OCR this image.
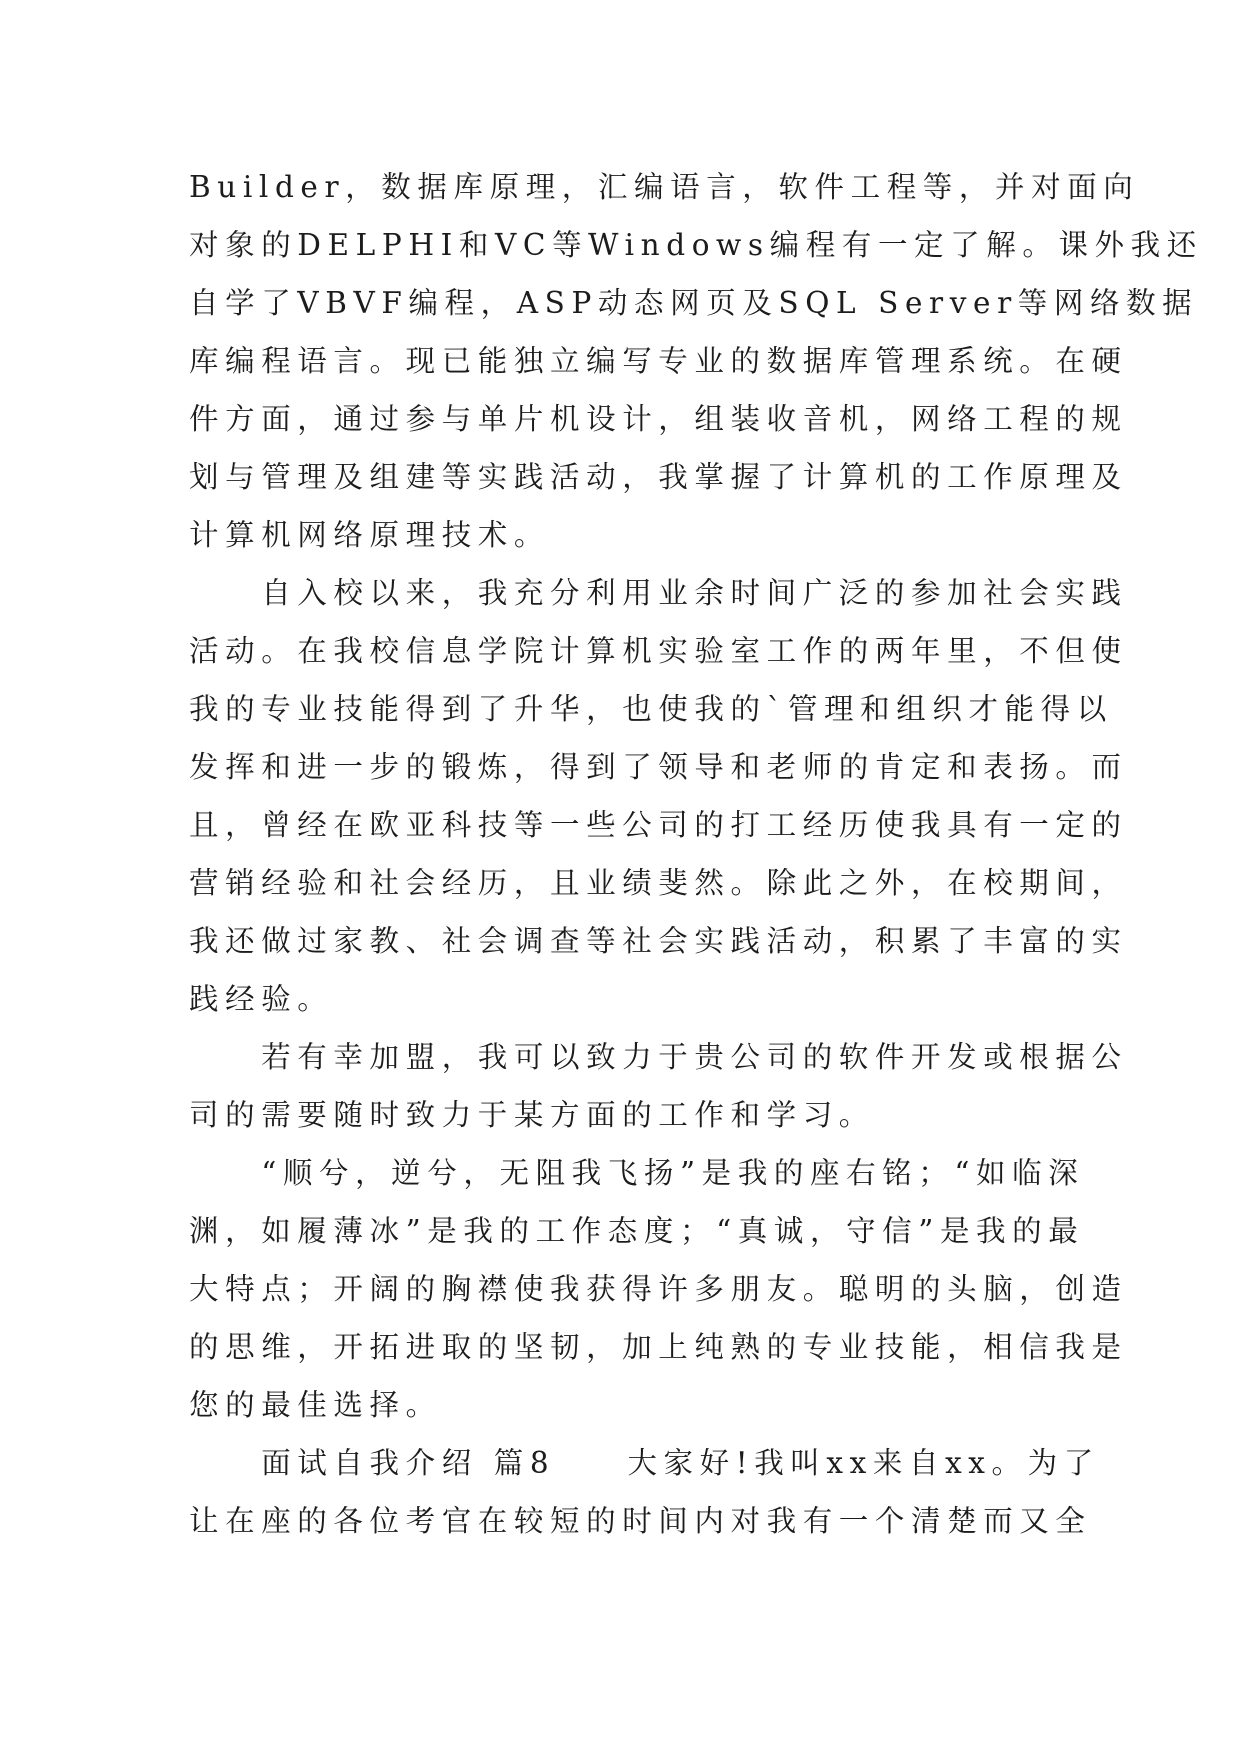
Builder，数据库原理，汇编语言，软件工程等，并对面向
对象的DELPHI和VC等Windows编程有一定了解。课外我还
自学了VBVF编程，ASP动态网页及SQL Server等网络数据
库编程语言。现已能独立编写专业的数据库管理系统。在硬
件方面，通过参与单片机设计，组装收音机，网络工程的规
划与管理及组建等实践活动，我掌握了计算机的工作原理及
计算机网络原理技术。
　　自入校以来，我充分利用业余时间广泛的参加社会实践
活动。在我校信息学院计算机实验室工作的两年里，不但使
我的专业技能得到了升华，也使我的`管理和组织才能得以
发挥和进一步的锻炼，得到了领导和老师的肯定和表扬。而
且，曾经在欧亚科技等一些公司的打工经历使我具有一定的
营销经验和社会经历，且业绩斐然。除此之外，在校期间，
我还做过家教、社会调查等社会实践活动，积累了丰富的实
践经验。
　　若有幸加盟，我可以致力于贵公司的软件开发或根据公
司的需要随时致力于某方面的工作和学习。
　　“顺兮，逆兮，无阻我飞扬”是我的座右铭；“如临深
渊，如履薄冰”是我的工作态度；“真诚，守信”是我的最
大特点；开阔的胸襟使我获得许多朋友。聪明的头脑，创造
的思维，开拓进取的坚韧，加上纯熟的专业技能，相信我是
您的最佳选择。
　　面试自我介绍 篇8　　大家好!我叫xx来自xx。为了
让在座的各位考官在较短的时间内对我有一个清楚而又全
